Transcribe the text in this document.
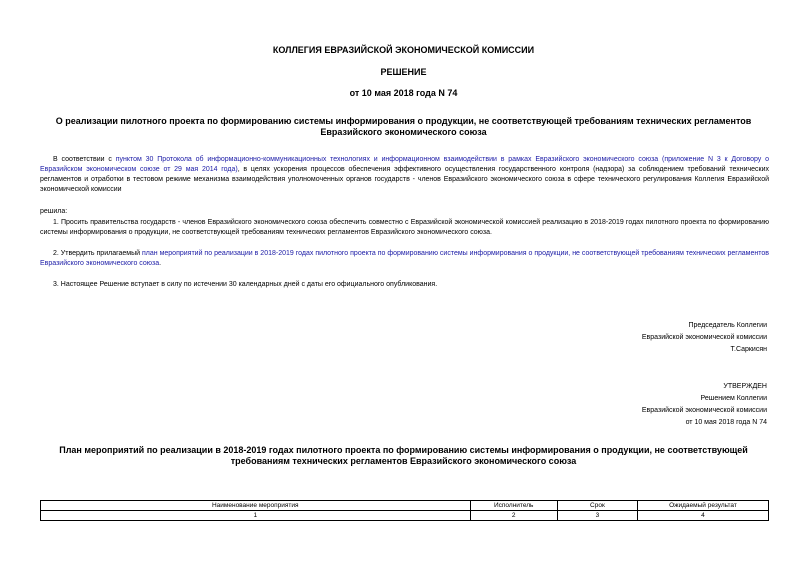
КОЛЛЕГИЯ ЕВРАЗИЙСКОЙ ЭКОНОМИЧЕСКОЙ КОМИССИИ
РЕШЕНИЕ
от 10 мая 2018 года N 74
О реализации пилотного проекта по формированию системы информирования о продукции, не соответствующей требованиям технических регламентов Евразийского экономического союза
В соответствии с пунктом 30 Протокола об информационно-коммуникационных технологиях и информационном взаимодействии в рамках Евразийского экономического союза (приложение N 3 к Договору о Евразийском экономическом союзе от 29 мая 2014 года), в целях ускорения процессов обеспечения эффективного осуществления государственного контроля (надзора) за соблюдением требований технических регламентов и отработки в тестовом режиме механизма взаимодействия уполномоченных органов государств - членов Евразийского экономического союза в сфере технического регулирования Коллегия Евразийской экономической комиссии
решила:
1. Просить правительства государств - членов Евразийского экономического союза обеспечить совместно с Евразийской экономической комиссией реализацию в 2018-2019 годах пилотного проекта по формированию системы информирования о продукции, не соответствующей требованиям технических регламентов Евразийского экономического союза.
2. Утвердить прилагаемый план мероприятий по реализации в 2018-2019 годах пилотного проекта по формированию системы информирования о продукции, не соответствующей требованиям технических регламентов Евразийского экономического союза.
3. Настоящее Решение вступает в силу по истечении 30 календарных дней с даты его официального опубликования.
Председатель Коллегии
Евразийской экономической комиссии
Т.Саркисян
УТВЕРЖДЕН
Решением Коллегии
Евразийской экономической комиссии
от 10 мая 2018 года N 74
План мероприятий по реализации в 2018-2019 годах пилотного проекта по формированию системы информирования о продукции, не соответствующей требованиям технических регламентов Евразийского экономического союза
Наименование мероприятия	Исполнитель	Срок	Ожидаемый результат
1	2	3	4
